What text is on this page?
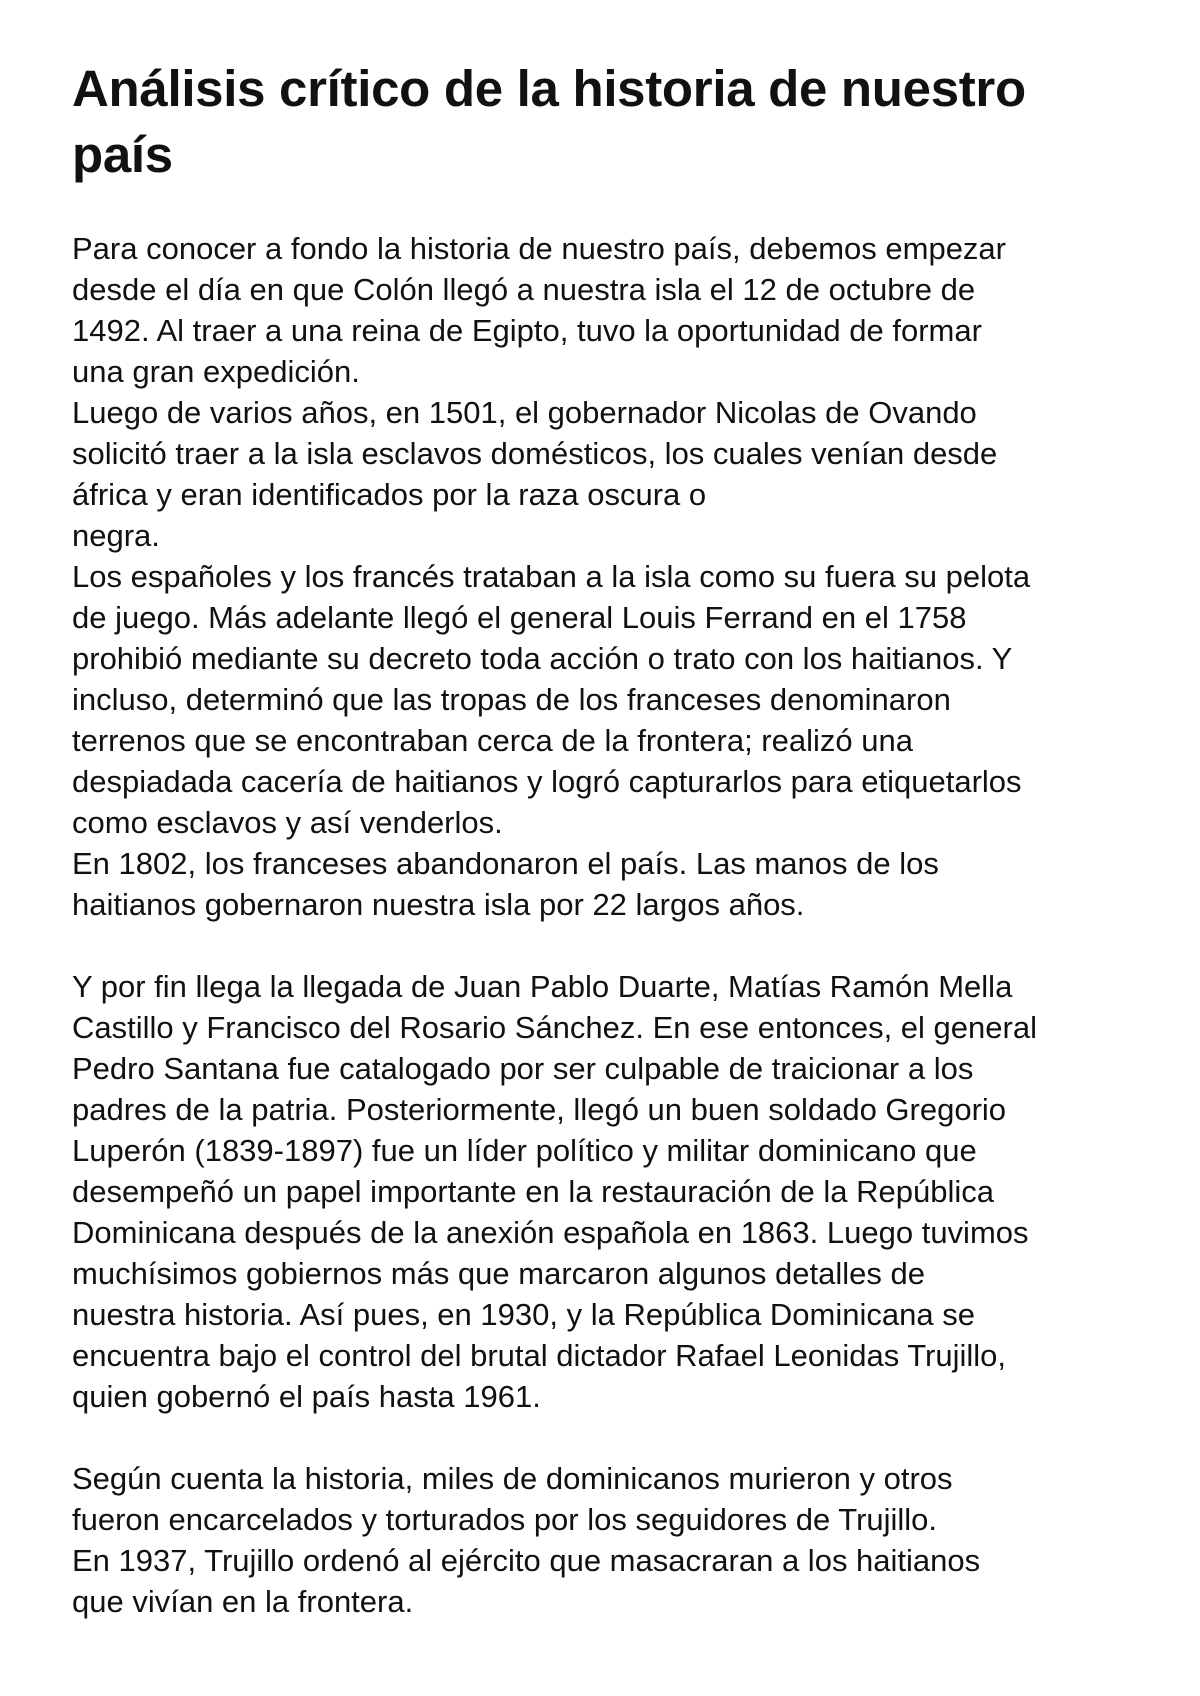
Análisis crítico de la historia de nuestro
país
Para conocer a fondo la historia de nuestro país, debemos empezar
desde el día en que Colón llegó a nuestra isla el 12 de octubre de
1492. Al traer a una reina de Egipto, tuvo la oportunidad de formar
una gran expedición.
Luego de varios años, en 1501, el gobernador Nicolas de Ovando
solicitó traer a la isla esclavos domésticos, los cuales venían desde
áfrica y eran identificados por la raza oscura o
negra.
Los españoles y los francés trataban a la isla como su fuera su pelota
de juego. Más adelante llegó el general Louis Ferrand en el 1758
prohibió mediante su decreto toda acción o trato con los haitianos. Y
incluso, determinó que las tropas de los franceses denominaron
terrenos que se encontraban cerca de la frontera; realizó una
despiadada cacería de haitianos y logró capturarlos para etiquetarlos
como esclavos y así venderlos.
En 1802, los franceses abandonaron el país. Las manos de los
haitianos gobernaron nuestra isla por 22 largos años.
Y por fin llega la llegada de Juan Pablo Duarte, Matías Ramón Mella
Castillo y Francisco del Rosario Sánchez. En ese entonces, el general
Pedro Santana fue catalogado por ser culpable de traicionar a los
padres de la patria. Posteriormente, llegó un buen soldado Gregorio
Luperón (1839-1897) fue un líder político y militar dominicano que
desempeñó un papel importante en la restauración de la República
Dominicana después de la anexión española en 1863. Luego tuvimos
muchísimos gobiernos más que marcaron algunos detalles de
nuestra historia. Así pues, en 1930, y la República Dominicana se
encuentra bajo el control del brutal dictador Rafael Leonidas Trujillo,
quien gobernó el país hasta 1961.
Según cuenta la historia, miles de dominicanos murieron y otros
fueron encarcelados y torturados por los seguidores de Trujillo.
En 1937, Trujillo ordenó al ejército que masacraran a los haitianos
que vivían en la frontera.
